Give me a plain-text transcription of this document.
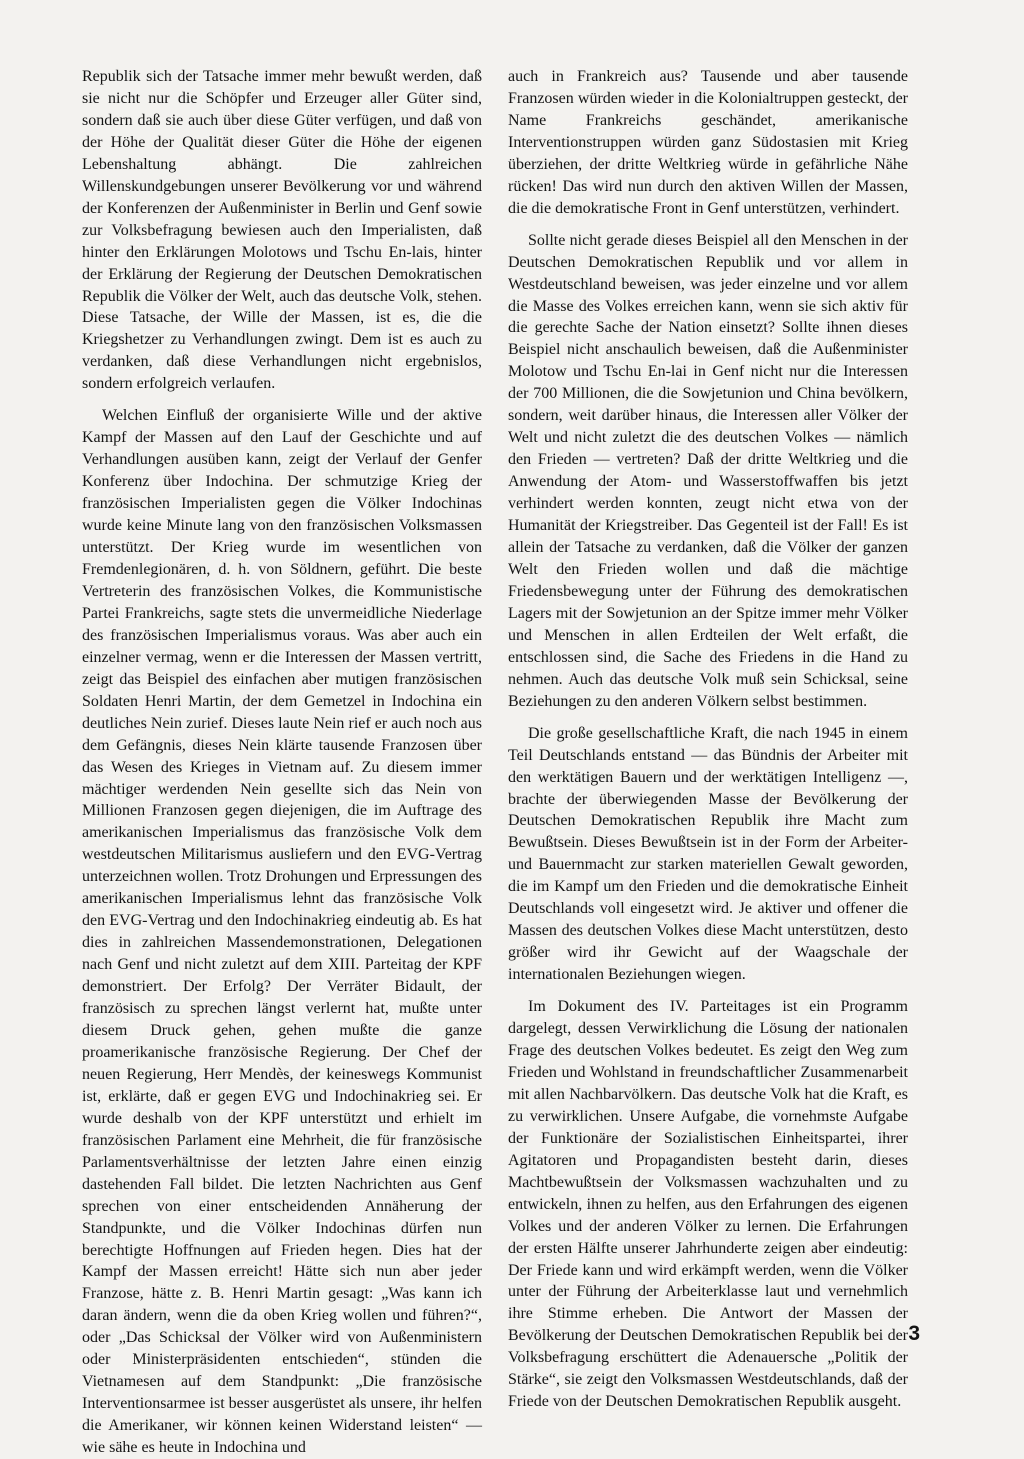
Republik sich der Tatsache immer mehr bewußt werden, daß sie nicht nur die Schöpfer und Erzeuger aller Güter sind, sondern daß sie auch über diese Güter verfügen, und daß von der Höhe der Qualität dieser Güter die Höhe der eigenen Lebenshaltung abhängt. Die zahlreichen Willenskundgebungen unserer Bevölkerung vor und während der Konferenzen der Außenminister in Berlin und Genf sowie zur Volksbefragung bewiesen auch den Imperialisten, daß hinter den Erklärungen Molotows und Tschu En-lais, hinter der Erklärung der Regierung der Deutschen Demokratischen Republik die Völker der Welt, auch das deutsche Volk, stehen. Diese Tatsache, der Wille der Massen, ist es, die die Kriegshetzer zu Verhandlungen zwingt. Dem ist es auch zu verdanken, daß diese Verhandlungen nicht ergebnislos, sondern erfolgreich verlaufen.

Welchen Einfluß der organisierte Wille und der aktive Kampf der Massen auf den Lauf der Geschichte und auf Verhandlungen ausüben kann, zeigt der Verlauf der Genfer Konferenz über Indochina. Der schmutzige Krieg der französischen Imperialisten gegen die Völker Indochinas wurde keine Minute lang von den französischen Volksmassen unterstützt. Der Krieg wurde im wesentlichen von Fremdenlegionären, d. h. von Söldnern, geführt. Die beste Vertreterin des französischen Volkes, die Kommunistische Partei Frankreichs, sagte stets die unvermeidliche Niederlage des französischen Imperialismus voraus. Was aber auch ein einzelner vermag, wenn er die Interessen der Massen vertritt, zeigt das Beispiel des einfachen aber mutigen französischen Soldaten Henri Martin, der dem Gemetzel in Indochina ein deutliches Nein zurief. Dieses laute Nein rief er auch noch aus dem Gefängnis, dieses Nein klärte tausende Franzosen über das Wesen des Krieges in Vietnam auf. Zu diesem immer mächtiger werdenden Nein gesellte sich das Nein von Millionen Franzosen gegen diejenigen, die im Auftrage des amerikanischen Imperialismus das französische Volk dem westdeutschen Militarismus ausliefern und den EVG-Vertrag unterzeichnen wollen. Trotz Drohungen und Erpressungen des amerikanischen Imperialismus lehnt das französische Volk den EVG-Vertrag und den Indochinakrieg eindeutig ab. Es hat dies in zahlreichen Massendemonstrationen, Delegationen nach Genf und nicht zuletzt auf dem XIII. Parteitag der KPF demonstriert. Der Erfolg? Der Verräter Bidault, der französisch zu sprechen längst verlernt hat, mußte unter diesem Druck gehen, gehen mußte die ganze proamerikanische französische Regierung. Der Chef der neuen Regierung, Herr Mendès, der keineswegs Kommunist ist, erklärte, daß er gegen EVG und Indochinakrieg sei. Er wurde deshalb von der KPF unterstützt und erhielt im französischen Parlament eine Mehrheit, die für französische Parlamentsverhältnisse der letzten Jahre einen einzig dastehenden Fall bildet. Die letzten Nachrichten aus Genf sprechen von einer entscheidenden Annäherung der Standpunkte, und die Völker Indochinas dürfen nun berechtigte Hoffnungen auf Frieden hegen. Dies hat der Kampf der Massen erreicht! Hätte sich nun aber jeder Franzose, hätte z. B. Henri Martin gesagt: „Was kann ich daran ändern, wenn die da oben Krieg wollen und führen?“, oder „Das Schicksal der Völker wird von Außenministern oder Ministerpräsidenten entschieden“, stünden die Vietnamesen auf dem Standpunkt: „Die französische Interventionsarmee ist besser ausgerüstet als unsere, ihr helfen die Amerikaner, wir können keinen Widerstand leisten“ — wie sähe es heute in Indochina und

auch in Frankreich aus? Tausende und aber tausende Franzosen würden wieder in die Kolonialtruppen gesteckt, der Name Frankreichs geschändet, amerikanische Interventionstruppen würden ganz Südostasien mit Krieg überziehen, der dritte Weltkrieg würde in gefährliche Nähe rücken! Das wird nun durch den aktiven Willen der Massen, die die demokratische Front in Genf unterstützen, verhindert.

Sollte nicht gerade dieses Beispiel all den Menschen in der Deutschen Demokratischen Republik und vor allem in Westdeutschland beweisen, was jeder einzelne und vor allem die Masse des Volkes erreichen kann, wenn sie sich aktiv für die gerechte Sache der Nation einsetzt? Sollte ihnen dieses Beispiel nicht anschaulich beweisen, daß die Außenminister Molotow und Tschu En-lai in Genf nicht nur die Interessen der 700 Millionen, die die Sowjetunion und China bevölkern, sondern, weit darüber hinaus, die Interessen aller Völker der Welt und nicht zuletzt die des deutschen Volkes — nämlich den Frieden — vertreten? Daß der dritte Weltkrieg und die Anwendung der Atom- und Wasserstoffwaffen bis jetzt verhindert werden konnten, zeugt nicht etwa von der Humanität der Kriegstreiber. Das Gegenteil ist der Fall! Es ist allein der Tatsache zu verdanken, daß die Völker der ganzen Welt den Frieden wollen und daß die mächtige Friedensbewegung unter der Führung des demokratischen Lagers mit der Sowjetunion an der Spitze immer mehr Völker und Menschen in allen Erdteilen der Welt erfaßt, die entschlossen sind, die Sache des Friedens in die Hand zu nehmen. Auch das deutsche Volk muß sein Schicksal, seine Beziehungen zu den anderen Völkern selbst bestimmen.

Die große gesellschaftliche Kraft, die nach 1945 in einem Teil Deutschlands entstand — das Bündnis der Arbeiter mit den werktätigen Bauern und der werktätigen Intelligenz —, brachte der überwiegenden Masse der Bevölkerung der Deutschen Demokratischen Republik ihre Macht zum Bewußtsein. Dieses Bewußtsein ist in der Form der Arbeiter- und Bauernmacht zur starken materiellen Gewalt geworden, die im Kampf um den Frieden und die demokratische Einheit Deutschlands voll eingesetzt wird. Je aktiver und offener die Massen des deutschen Volkes diese Macht unterstützen, desto größer wird ihr Gewicht auf der Waagschale der internationalen Beziehungen wiegen.

Im Dokument des IV. Parteitages ist ein Programm dargelegt, dessen Verwirklichung die Lösung der nationalen Frage des deutschen Volkes bedeutet. Es zeigt den Weg zum Frieden und Wohlstand in freundschaftlicher Zusammenarbeit mit allen Nachbarvölkern. Das deutsche Volk hat die Kraft, es zu verwirklichen. Unsere Aufgabe, die vornehmste Aufgabe der Funktionäre der Sozialistischen Einheitspartei, ihrer Agitatoren und Propagandisten besteht darin, dieses Machtbewußtsein der Volksmassen wachzuhalten und zu entwickeln, ihnen zu helfen, aus den Erfahrungen des eigenen Volkes und der anderen Völker zu lernen. Die Erfahrungen der ersten Hälfte unserer Jahrhunderte zeigen aber eindeutig: Der Friede kann und wird erkämpft werden, wenn die Völker unter der Führung der Arbeiterklasse laut und vernehmlich ihre Stimme erheben. Die Antwort der Massen der Bevölkerung der Deutschen Demokratischen Republik bei der Volksbefragung erschüttert die Adenauersche „Politik der Stärke“, sie zeigt den Volksmassen Westdeutschlands, daß der Friede von der Deutschen Demokratischen Republik ausgeht.

3
